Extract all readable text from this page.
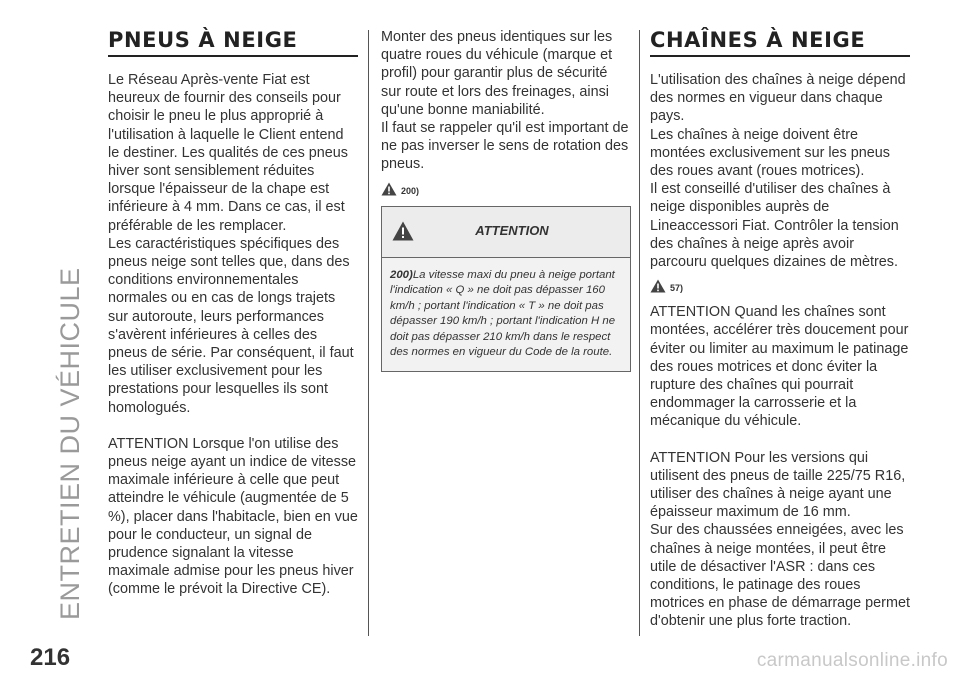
ENTRETIEN DU VÉHICULE
PNEUS À NEIGE

Le Réseau Après-vente Fiat est heureux de fournir des conseils pour choisir le pneu le plus approprié à l'utilisation à laquelle le Client entend le destiner. Les qualités de ces pneus hiver sont sensiblement réduites lorsque l'épaisseur de la chape est inférieure à 4 mm. Dans ce cas, il est préférable de les remplacer.

Les caractéristiques spécifiques des pneus neige sont telles que, dans des conditions environnementales normales ou en cas de longs trajets sur autoroute, leurs performances s'avèrent inférieures à celles des pneus de série. Par conséquent, il faut les utiliser exclusivement pour les prestations pour lesquelles ils sont homologués.

ATTENTION Lorsque l'on utilise des pneus neige ayant un indice de vitesse maximale inférieure à celle que peut atteindre le véhicule (augmentée de 5 %), placer dans l'habitacle, bien en vue pour le conducteur, un signal de prudence signalant la vitesse maximale admise pour les pneus hiver (comme le prévoit la Directive CE).

Monter des pneus identiques sur les quatre roues du véhicule (marque et profil) pour garantir plus de sécurité sur route et lors des freinages, ainsi qu'une bonne maniabilité.

Il faut se rappeler qu'il est important de ne pas inverser le sens de rotation des pneus.

200)
ATTENTION
200)La vitesse maxi du pneu à neige portant l'indication « Q » ne doit pas dépasser 160 km/h ; portant l'indication « T » ne doit pas dépasser 190 km/h ; portant l'indication H ne doit pas dépasser 210 km/h dans le respect des normes en vigueur du Code de la route.
CHAÎNES À NEIGE

L'utilisation des chaînes à neige dépend des normes en vigueur dans chaque pays.

Les chaînes à neige doivent être montées exclusivement sur les pneus des roues avant (roues motrices).

Il est conseillé d'utiliser des chaînes à neige disponibles auprès de Lineaccessori Fiat. Contrôler la tension des chaînes à neige après avoir parcouru quelques dizaines de mètres.

57)

ATTENTION Quand les chaînes sont montées, accélérer très doucement pour éviter ou limiter au maximum le patinage des roues motrices et donc éviter la rupture des chaînes qui pourrait endommager la carrosserie et la mécanique du véhicule.

ATTENTION Pour les versions qui utilisent des pneus de taille 225/75 R16, utiliser des chaînes à neige ayant une épaisseur maximum de 16 mm.

Sur des chaussées enneigées, avec les chaînes à neige montées, il peut être utile de désactiver l'ASR : dans ces conditions, le patinage des roues motrices en phase de démarrage permet d'obtenir une plus forte traction.

216	carmanualsonline.info
